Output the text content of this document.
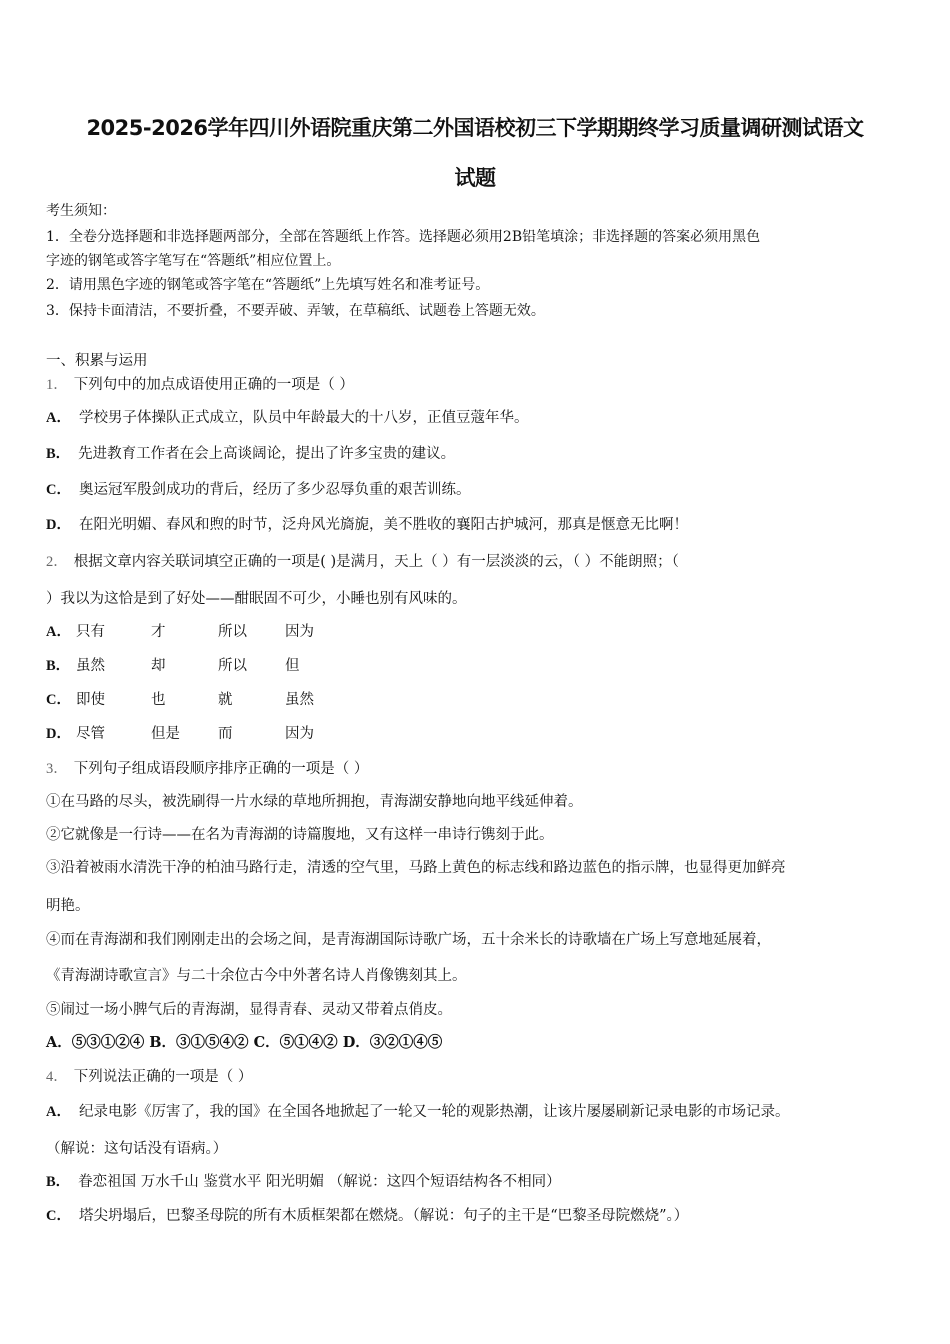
2025-2026学年四川外语院重庆第二外国语校初三下学期期终学习质量调研测试语文
试题
考生须知：
1．全卷分选择题和非选择题两部分，全部在答题纸上作答。选择题必须用2B铅笔填涂；非选择题的答案必须用黑色
字迹的钢笔或答字笔写在“答题纸”相应位置上。
2．请用黑色字迹的钢笔或答字笔在“答题纸”上先填写姓名和准考证号。
3．保持卡面清洁，不要折叠，不要弄破、弄皱，在草稿纸、试题卷上答题无效。
一、积累与运用
1． 下列句中的加点成语使用正确的一项是（ ）
A． 学校男子体操队正式成立，队员中年龄最大的十八岁，正值豆蔻年华。
B． 先进教育工作者在会上高谈阔论，提出了许多宝贵的建议。
C． 奥运冠军殷剑成功的背后，经历了多少忍辱负重的艰苦训练。
D． 在阳光明媚、春风和煦的时节，泛舟风光旖旎，美不胜收的襄阳古护城河，那真是惬意无比啊！
2． 根据文章内容关联词填空正确的一项是( )是满月，天上（ ）有一层淡淡的云，（ ）不能朗照；（
）我以为这恰是到了好处——酣眠固不可少，小睡也别有风味的。
A． 只有	才	所以	因为
B． 虽然	却	所以	但
C． 即使	也	就	虽然
D． 尽管	但是	而	因为
3． 下列句子组成语段顺序排序正确的一项是（ ）
①在马路的尽头，被洗刷得一片水绿的草地所拥抱，青海湖安静地向地平线延伸着。
②它就像是一行诗——在名为青海湖的诗篇腹地，又有这样一串诗行镌刻于此。
③沿着被雨水清洗干净的柏油马路行走，清透的空气里，马路上黄色的标志线和路边蓝色的指示牌，也显得更加鲜亮
明艳。
④而在青海湖和我们刚刚走出的会场之间，是青海湖国际诗歌广场，五十余米长的诗歌墙在广场上写意地延展着，
《青海湖诗歌宣言》与二十余位古今中外著名诗人肖像镌刻其上。
⑤闹过一场小脾气后的青海湖，显得青春、灵动又带着点俏皮。
A．⑤③①②④ B．③①⑤④② C．⑤①④② D．③②①④⑤
4． 下列说法正确的一项是（ ）
A． 纪录电影《厉害了，我的国》在全国各地掀起了一轮又一轮的观影热潮，让该片屡屡刷新记录电影的市场记录。
（解说：这句话没有语病。）
B． 眷恋祖国 万水千山 鉴赏水平 阳光明媚 （解说：这四个短语结构各不相同）
C． 塔尖坍塌后，巴黎圣母院的所有木质框架都在燃烧。（解说：句子的主干是“巴黎圣母院燃烧”。）
